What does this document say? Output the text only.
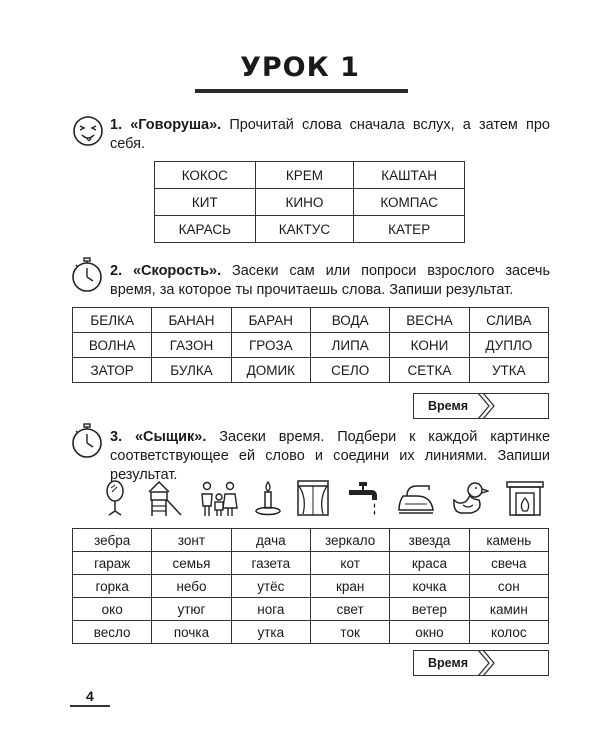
УРОК 1
1. «Говоруша». Прочитай слова сначала вслух, а затем про себя.
КОКОС	КРЕМ	КАШТАН
КИТ	КИНО	КОМПАС
КАРАСЬ	КАКТУС	КАТЕР
2. «Скорость». Засеки сам или попроси взрослого засечь время, за которое ты прочитаешь слова. Запиши результат.
БЕЛКА	БАНАН	БАРАН	ВОДА	ВЕСНА	СЛИВА
ВОЛНА	ГАЗОН	ГРОЗА	ЛИПА	КОНИ	ДУПЛО
ЗАТОР	БУЛКА	ДОМИК	СЕЛО	СЕТКА	УТКА
Время
3. «Сыщик». Засеки время. Подбери к каждой картинке соответствующее ей слово и соедини их линиями. Запиши результат.
зебра	зонт	дача	зеркало	звезда	камень
гараж	семья	газета	кот	краса	свеча
горка	небо	утёс	кран	кочка	сон
око	утюг	нога	свет	ветер	камин
весло	почка	утка	ток	окно	колос
Время
4
